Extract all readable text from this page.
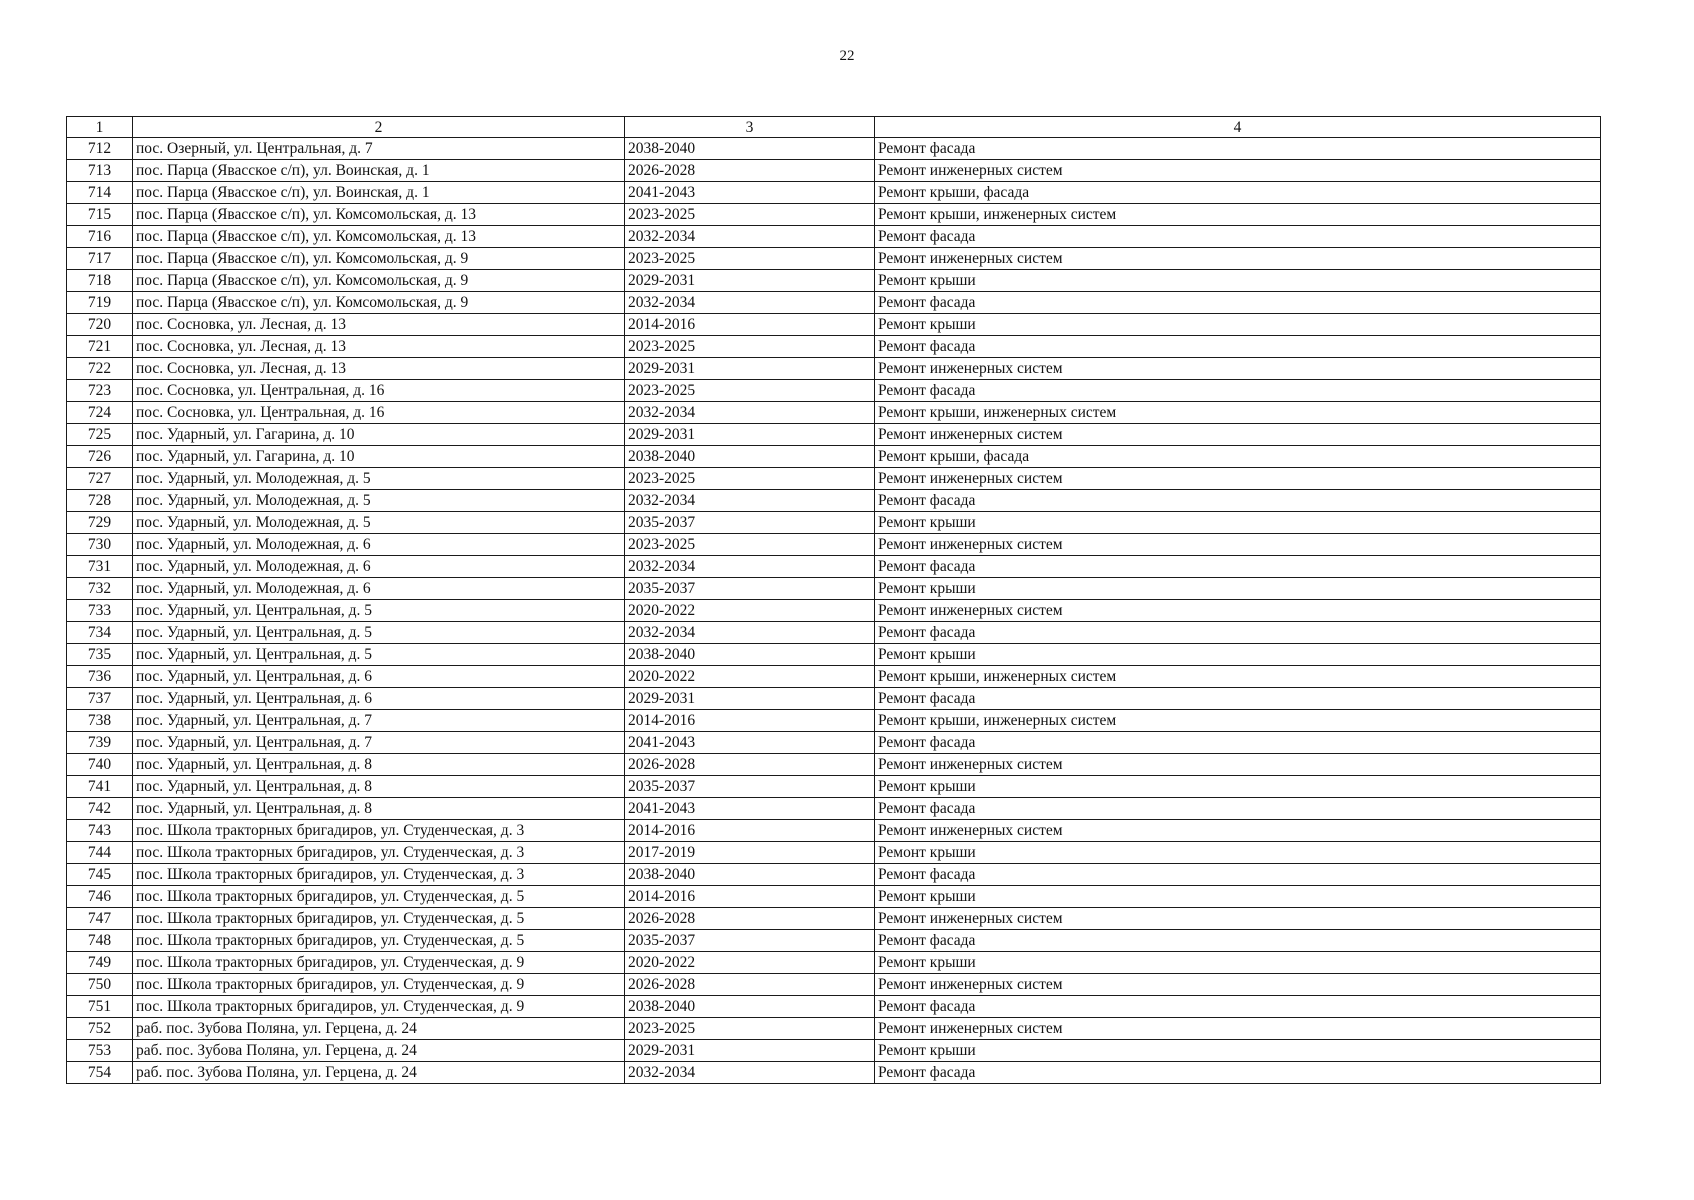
22
1	2	3	4
712	пос. Озерный, ул. Центральная, д. 7	2038-2040	Ремонт фасада
713	пос. Парца (Явасское с/п), ул. Воинская, д. 1	2026-2028	Ремонт инженерных систем
714	пос. Парца (Явасское с/п), ул. Воинская, д. 1	2041-2043	Ремонт крыши, фасада
715	пос. Парца (Явасское с/п), ул. Комсомольская, д. 13	2023-2025	Ремонт крыши, инженерных систем
716	пос. Парца (Явасское с/п), ул. Комсомольская, д. 13	2032-2034	Ремонт фасада
717	пос. Парца (Явасское с/п), ул. Комсомольская, д. 9	2023-2025	Ремонт инженерных систем
718	пос. Парца (Явасское с/п), ул. Комсомольская, д. 9	2029-2031	Ремонт крыши
719	пос. Парца (Явасское с/п), ул. Комсомольская, д. 9	2032-2034	Ремонт фасада
720	пос. Сосновка, ул. Лесная, д. 13	2014-2016	Ремонт крыши
721	пос. Сосновка, ул. Лесная, д. 13	2023-2025	Ремонт фасада
722	пос. Сосновка, ул. Лесная, д. 13	2029-2031	Ремонт инженерных систем
723	пос. Сосновка, ул. Центральная, д. 16	2023-2025	Ремонт фасада
724	пос. Сосновка, ул. Центральная, д. 16	2032-2034	Ремонт крыши, инженерных систем
725	пос. Ударный, ул. Гагарина, д. 10	2029-2031	Ремонт инженерных систем
726	пос. Ударный, ул. Гагарина, д. 10	2038-2040	Ремонт крыши, фасада
727	пос. Ударный, ул. Молодежная, д. 5	2023-2025	Ремонт инженерных систем
728	пос. Ударный, ул. Молодежная, д. 5	2032-2034	Ремонт фасада
729	пос. Ударный, ул. Молодежная, д. 5	2035-2037	Ремонт крыши
730	пос. Ударный, ул. Молодежная, д. 6	2023-2025	Ремонт инженерных систем
731	пос. Ударный, ул. Молодежная, д. 6	2032-2034	Ремонт фасада
732	пос. Ударный, ул. Молодежная, д. 6	2035-2037	Ремонт крыши
733	пос. Ударный, ул. Центральная, д. 5	2020-2022	Ремонт инженерных систем
734	пос. Ударный, ул. Центральная, д. 5	2032-2034	Ремонт фасада
735	пос. Ударный, ул. Центральная, д. 5	2038-2040	Ремонт крыши
736	пос. Ударный, ул. Центральная, д. 6	2020-2022	Ремонт крыши, инженерных систем
737	пос. Ударный, ул. Центральная, д. 6	2029-2031	Ремонт фасада
738	пос. Ударный, ул. Центральная, д. 7	2014-2016	Ремонт крыши, инженерных систем
739	пос. Ударный, ул. Центральная, д. 7	2041-2043	Ремонт фасада
740	пос. Ударный, ул. Центральная, д. 8	2026-2028	Ремонт инженерных систем
741	пос. Ударный, ул. Центральная, д. 8	2035-2037	Ремонт крыши
742	пос. Ударный, ул. Центральная, д. 8	2041-2043	Ремонт фасада
743	пос. Школа тракторных бригадиров, ул. Студенческая, д. 3	2014-2016	Ремонт инженерных систем
744	пос. Школа тракторных бригадиров, ул. Студенческая, д. 3	2017-2019	Ремонт крыши
745	пос. Школа тракторных бригадиров, ул. Студенческая, д. 3	2038-2040	Ремонт фасада
746	пос. Школа тракторных бригадиров, ул. Студенческая, д. 5	2014-2016	Ремонт крыши
747	пос. Школа тракторных бригадиров, ул. Студенческая, д. 5	2026-2028	Ремонт инженерных систем
748	пос. Школа тракторных бригадиров, ул. Студенческая, д. 5	2035-2037	Ремонт фасада
749	пос. Школа тракторных бригадиров, ул. Студенческая, д. 9	2020-2022	Ремонт крыши
750	пос. Школа тракторных бригадиров, ул. Студенческая, д. 9	2026-2028	Ремонт инженерных систем
751	пос. Школа тракторных бригадиров, ул. Студенческая, д. 9	2038-2040	Ремонт фасада
752	раб. пос. Зубова Поляна, ул. Герцена, д. 24	2023-2025	Ремонт инженерных систем
753	раб. пос. Зубова Поляна, ул. Герцена, д. 24	2029-2031	Ремонт крыши
754	раб. пос. Зубова Поляна, ул. Герцена, д. 24	2032-2034	Ремонт фасада
